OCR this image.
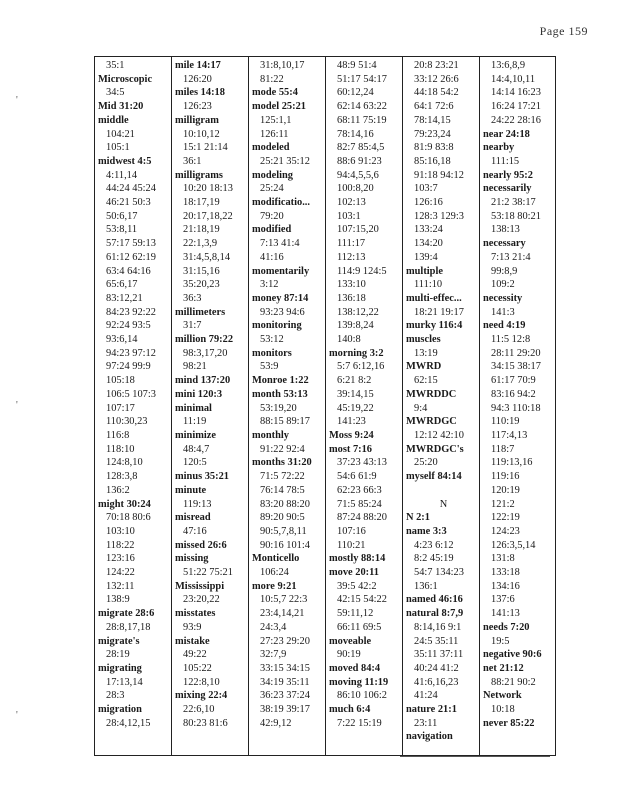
Page 159
35:1
Microscopic
34:5
Mid 31:20
middle
104:21
105:1
midwest 4:5
4:11,14
44:24 45:24
46:21 50:3
50:6,17
53:8,11
57:17 59:13
61:12 62:19
63:4 64:16
65:6,17
83:12,21
84:23 92:22
92:24 93:5
93:6,14
94:23 97:12
97:24 99:9
105:18
106:5 107:3
107:17
110:30,23
116:8
118:10
124:8,10
128:3,8
136:2
might 30:24
70:18 80:6
103:10
118:22
123:16
124:22
132:11
138:9
migrate 28:6
28:8,17,18
migrate's
28:19
migrating
17:13,14
28:3
migration
28:4,12,15
mile 14:17
126:20
miles 14:18
126:23
milligram
10:10,12
15:1 21:14
36:1
milligrams
10:20 18:13
18:17,19
20:17,18,22
21:18,19
22:1,3,9
31:4,5,8,14
31:15,16
35:20,23
36:3
millimeters
31:7
million 79:22
98:3,17,20
98:21
mind 137:20
mini 120:3
minimal
11:19
minimize
48:4,7
120:5
minus 35:21
minute
119:13
misread
47:16
missed 26:6
missing
51:22 75:21
Mississippi
23:20,22
misstates
93:9
mistake
49:22
105:22
122:8,10
mixing 22:4
22:6,10
80:23 81:6
31:8,10,17
81:22
mode 55:4
model 25:21
125:1,1
126:11
modeled
25:21 35:12
modeling
25:24
modificatio...
79:20
modified
7:13 41:4
41:16
momentarily
3:12
money 87:14
93:23 94:6
monitoring
53:12
monitors
53:9
Monroe 1:22
month 53:13
53:19,20
88:15 89:17
monthly
91:22 92:4
months 31:20
71:5 72:22
76:14 78:5
83:20 88:20
89:20 90:5
90:5,7,8,11
90:16 101:4
Monticello
106:24
more 9:21
10:5,7 22:3
23:4,14,21
24:3,4
27:23 29:20
32:7,9
33:15 34:15
34:19 35:11
36:23 37:24
38:19 39:17
42:9,12
48:9 51:4
51:17 54:17
60:12,24
62:14 63:22
68:11 75:19
78:14,16
82:7 85:4,5
88:6 91:23
94:4,5,5,6
100:8,20
102:13
103:1
107:15,20
111:17
112:13
114:9 124:5
133:10
136:18
138:12,22
139:8,24
140:8
morning 3:2
5:7 6:12,16
6:21 8:2
39:14,15
45:19,22
141:23
Moss 9:24
most 7:16
37:23 43:13
54:6 61:9
62:23 66:3
71:5 85:24
87:24 88:20
107:16
110:21
mostly 88:14
move 20:11
39:5 42:2
42:15 54:22
59:11,12
66:11 69:5
moveable
90:19
moved 84:4
moving 11:19
86:10 106:2
much 6:4
7:22 15:19
20:8 23:21
33:12 26:6
44:18 54:2
64:1 72:6
78:14,15
79:23,24
81:9 83:8
85:16,18
91:18 94:12
103:7
126:16
128:3 129:3
133:24
134:20
139:4
multiple
111:10
multi-effec...
18:21 19:17
murky 116:4
muscles
13:19
MWRD
62:15
MWRDDC
9:4
MWRDGC
12:12 42:10
MWRDGC's
25:20
myself 84:14

N
N 2:1
name 3:3
4:23 6:12
8:2 45:19
54:7 134:23
136:1
named 46:16
natural 8:7,9
8:14,16 9:1
24:5 35:11
35:11 37:11
40:24 41:2
41:6,16,23
41:24
nature 21:1
23:11
navigation
13:6,8,9
14:4,10,11
14:14 16:23
16:24 17:21
24:22 28:16
near 24:18
nearby
111:15
nearly 95:2
necessarily
21:2 38:17
53:18 80:21
138:13
necessary
7:13 21:4
99:8,9
109:2
necessity
141:3
need 4:19
11:5 12:8
28:11 29:20
34:15 38:17
61:17 70:9
83:16 94:2
94:3 110:18
110:19
117:4,13
118:7
119:13,16
119:16
120:19
121:2
122:19
124:23
126:3,5,14
131:8
133:18
134:16
137:6
141:13
needs 7:20
19:5
negative 90:6
net 21:12
88:21 90:2
Network
10:18
never 85:22
'
'
'
